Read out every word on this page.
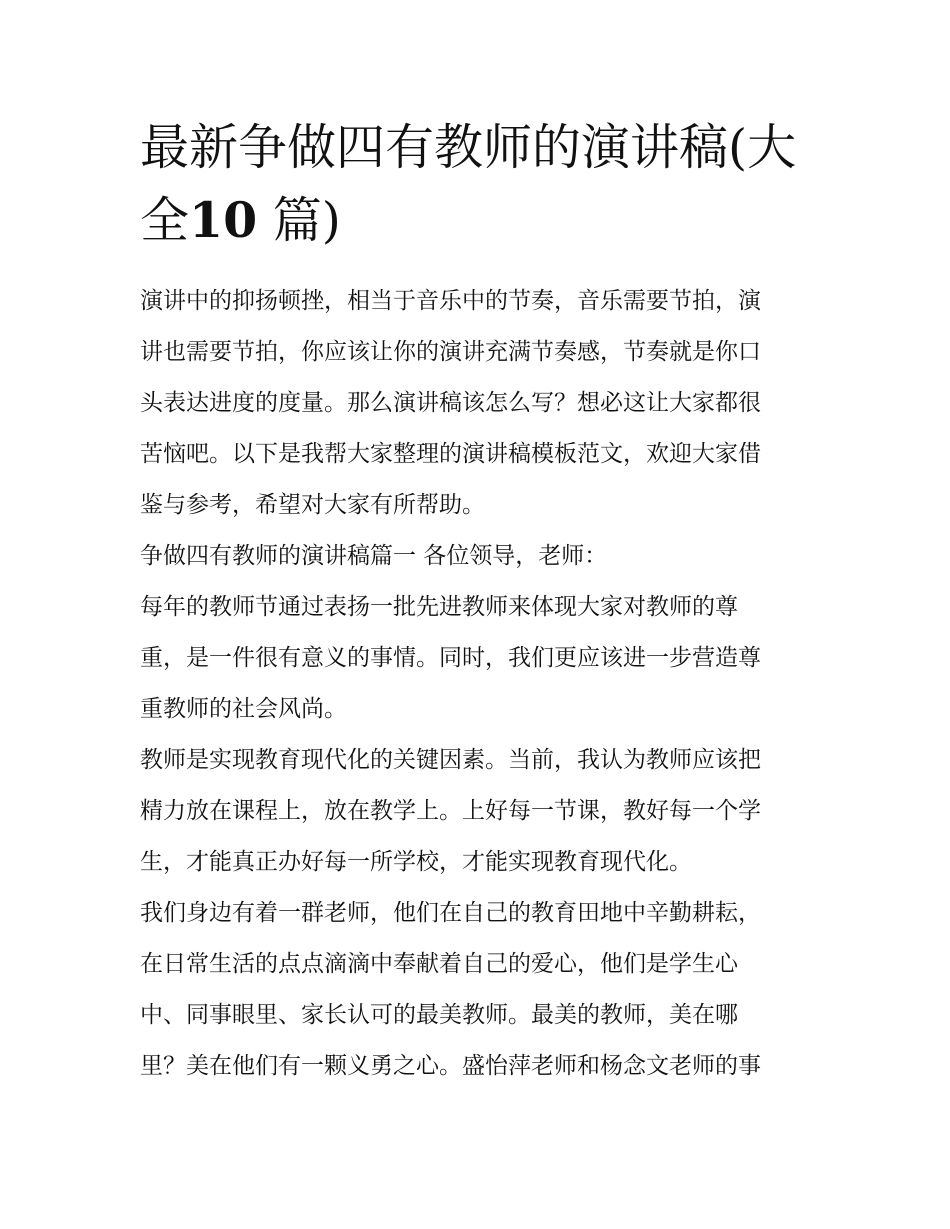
最新争做四有教师的演讲稿(大
全10 篇)
演讲中的抑扬顿挫，相当于音乐中的节奏，音乐需要节拍，演
讲也需要节拍，你应该让你的演讲充满节奏感，节奏就是你口
头表达进度的度量。那么演讲稿该怎么写？想必这让大家都很
苦恼吧。以下是我帮大家整理的演讲稿模板范文，欢迎大家借
鉴与参考，希望对大家有所帮助。
争做四有教师的演讲稿篇一 各位领导，老师：
每年的教师节通过表扬一批先进教师来体现大家对教师的尊
重，是一件很有意义的事情。同时，我们更应该进一步营造尊
重教师的社会风尚。
教师是实现教育现代化的关键因素。当前，我认为教师应该把
精力放在课程上，放在教学上。上好每一节课，教好每一个学
生，才能真正办好每一所学校，才能实现教育现代化。
我们身边有着一群老师，他们在自己的教育田地中辛勤耕耘，
在日常生活的点点滴滴中奉献着自己的爱心，他们是学生心
中、同事眼里、家长认可的最美教师。最美的教师，美在哪
里？美在他们有一颗义勇之心。盛怡萍老师和杨念文老师的事
